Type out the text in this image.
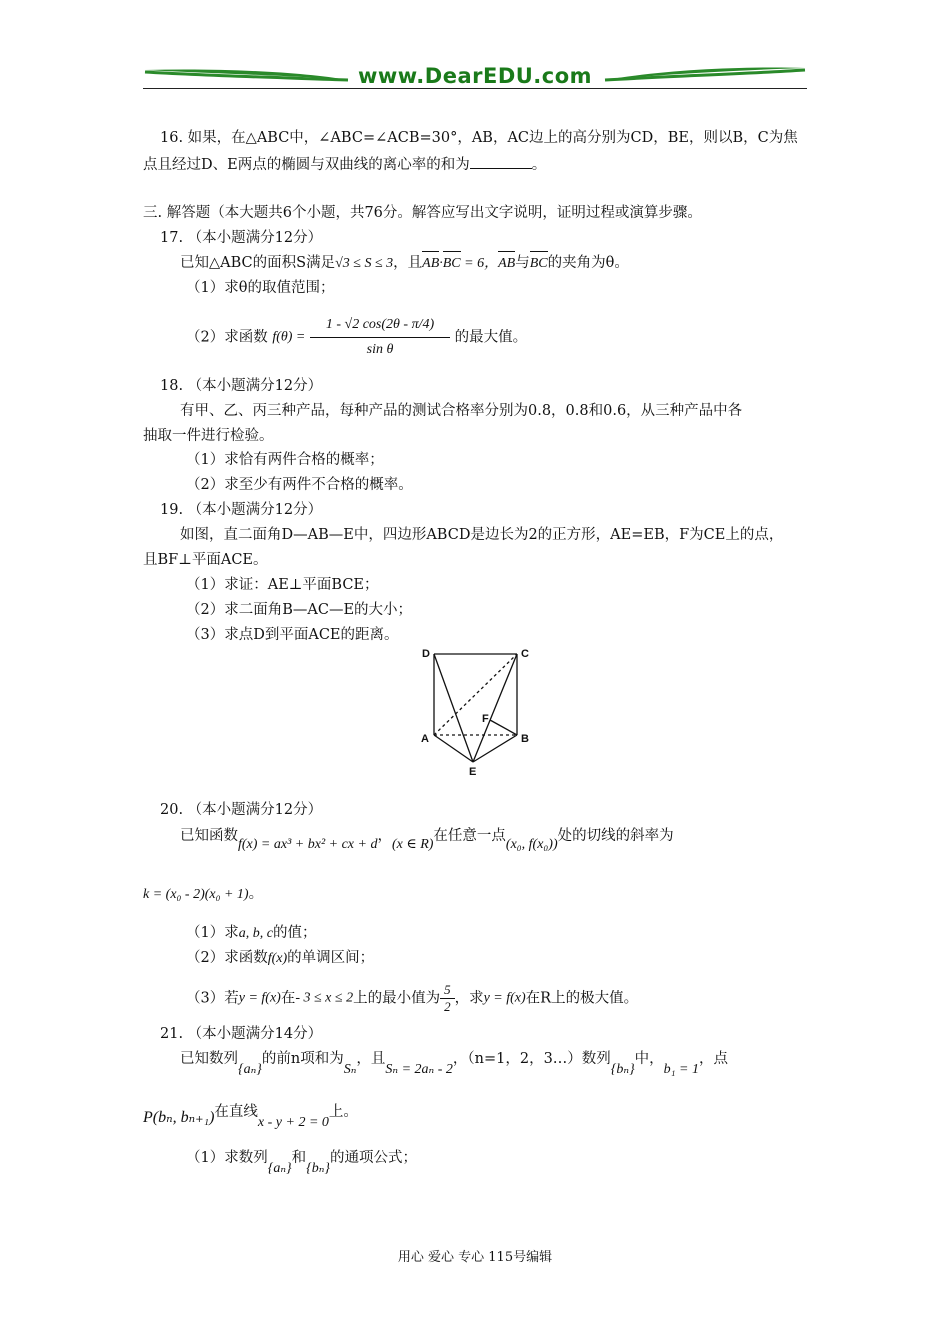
www.DearEDU.com
16. 如果，在△ABC中，∠ABC=∠ACB=30°，AB，AC边上的高分别为CD，BE，则以B，C为焦
点且经过D、E两点的椭圆与双曲线的离心率的和为	。
三. 解答题（本大题共6个小题，共76分。解答应写出文字说明，证明过程或演算步骤。
17. （本小题满分12分）
已知△ABC的面积S满足√3 ≤ S ≤ 3，且AB·BC = 6，AB与BC的夹角为θ。
（1）求θ的取值范围；
（2）求函数 $f(\theta) = \frac{1 - √2 \cos(2\theta - \pi/4)}{\text{sin θ}}$ 的最大值。
18. （本小题满分12分）
有甲、乙、丙三种产品，每种产品的测试合格率分别为0.8，0.8和0.6，从三种产品中各
抽取一件进行检验。
（1）求恰有两件合格的概率；
（2）求至少有两件不合格的概率。
19. （本小题满分12分）
如图，直二面角D—AB—E中，四边形ABCD是边长为2的正方形，AE=EB，F为CE上的点，
且BF⊥平面ACE。
（1）求证：AE⊥平面BCE；
（2）求二面角B—AC—E的大小；
（3）求点D到平面ACE的距离。
D	C
A	B
E
F
20. （本小题满分12分）
已知函数f(x) = ax³ + bx² + cx + d，(x ∈ R)在任意一点(x₀, f(x₀))处的切线的斜率为
k = (x₀ - 2)(x₀ + 1)。
（1）求a, b, c的值；
（2）求函数f(x)的单调区间；
（3）若y = f(x)在- 3 ≤ x ≤ 2上的最小值为 $\frac{5}{2}$ ，求y = f(x)在R上的极大值。
21. （本小题满分14分）
已知数列{aₙ}的前n项和为Sₙ，且Sₙ = 2aₙ - 2，（n=1，2，3…）数列{bₙ}中，b₁ = 1，点
P(bₙ, bₙ₊₁)在直线x - y + 2 = 0上。
（1）求数列{aₙ}和{bₙ}的通项公式；
用心 爱心 专心 115号编辑
